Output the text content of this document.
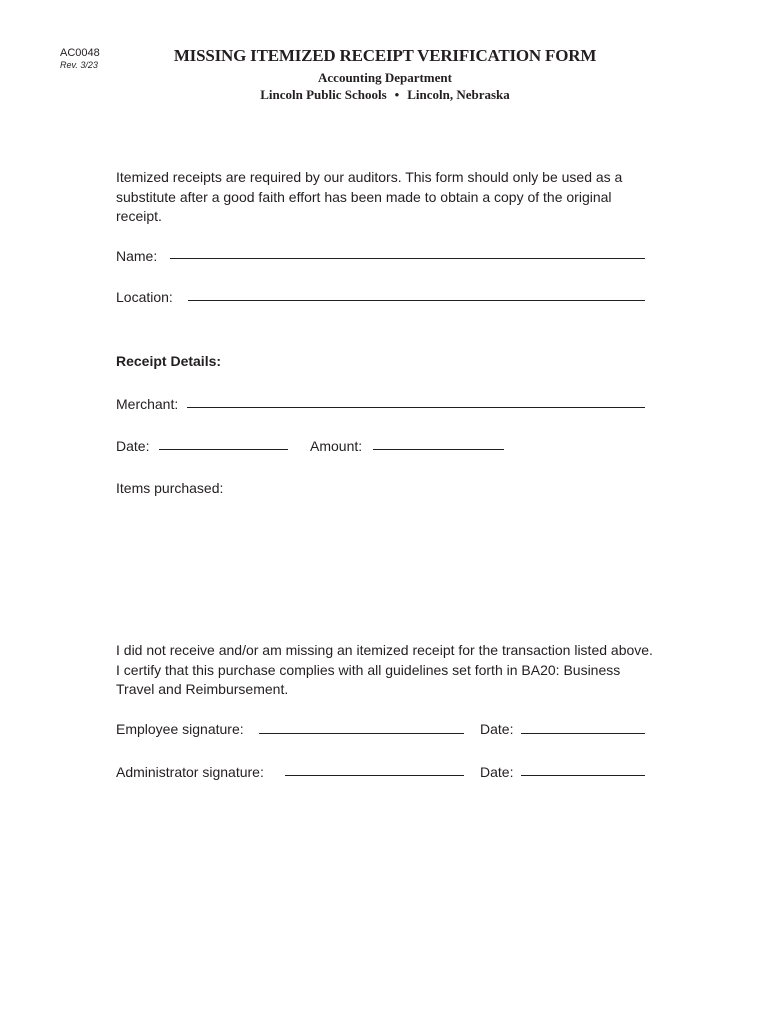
AC0048
Rev. 3/23	MISSING ITEMIZED RECEIPT VERIFICATION FORM
Accounting Department
Lincoln Public Schools • Lincoln, Nebraska
Itemized receipts are required by our auditors. This form should only be used as a substitute after a good faith effort has been made to obtain a copy of the original receipt.
Name:
Location:
Receipt Details:
Merchant:
Date:	Amount:
Items purchased:
I did not receive and/or am missing an itemized receipt for the transaction listed above. I certify that this purchase complies with all guidelines set forth in BA20: Business Travel and Reimbursement.
Employee signature:	Date:
Administrator signature:	Date:
